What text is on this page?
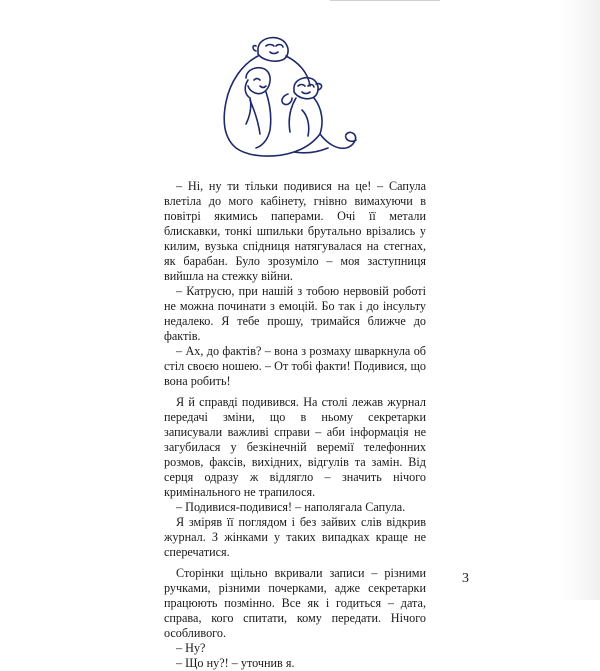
– Ні, ну ти тільки подивися на це! – Сапула влетіла до мого кабінету, гнівно вимахуючи в повітрі якимись паперами. Очі її метали блискавки, тонкі шпильки брутально врізались у килим, вузька спідниця натягувалася на стегнах, як барабан. Було зрозуміло – моя заступниця вийшла на стежку війни.

– Катрусю, при нашій з тобою нервовій роботі не можна починати з емоцій. Бо так і до інсульту недалеко. Я тебе прошу, тримайся ближче до фактів.

– Ах, до фактів? – вона з розмаху шваркнула об стіл своєю ношею. – От тобі факти! Подивися, що вона робить!

Я й справді подивився. На столі лежав журнал передачі зміни, що в ньому секретарки записували важливі справи – аби інформація не загубилася у безкінечній веремії телефонних розмов, факсів, вихідних, відгулів та замін. Від серця одразу ж відлягло – значить нічого кримінального не трапилося.

– Подивися-подивися! – наполягала Сапула.

Я зміряв її поглядом і без зайвих слів відкрив журнал. З жінками у таких випадках краще не сперечатися.

Сторінки щільно вкривали записи – різними ручками, різними почерками, адже секретарки працюють позмінно. Все як і годиться – дата, справа, кого спитати, кому передати. Нічого особливого.

– Ну?

– Що ну?! – уточнив я.

3
